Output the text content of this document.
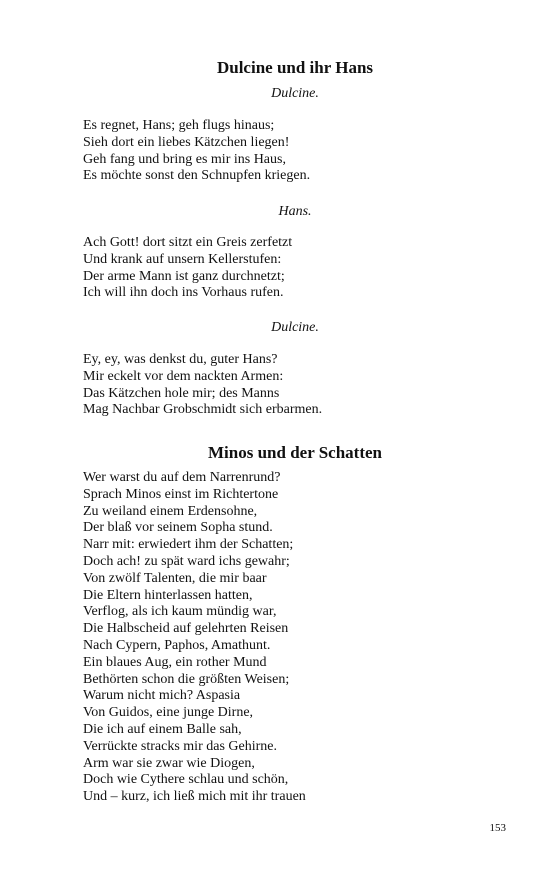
Dulcine und ihr Hans

Dulcine.

Es regnet, Hans; geh flugs hinaus;
Sieh dort ein liebes Kätzchen liegen!
Geh fang und bring es mir ins Haus,
Es möchte sonst den Schnupfen kriegen.

Hans.

Ach Gott! dort sitzt ein Greis zerfetzt
Und krank auf unsern Kellerstufen:
Der arme Mann ist ganz durchnetzt;
Ich will ihn doch ins Vorhaus rufen.

Dulcine.

Ey, ey, was denkst du, guter Hans?
Mir eckelt vor dem nackten Armen:
Das Kätzchen hole mir; des Manns
Mag Nachbar Grobschmidt sich erbarmen.
Minos und der Schatten
Wer warst du auf dem Narrenrund?
Sprach Minos einst im Richtertone
Zu weiland einem Erdensohne,
Der blaß vor seinem Sopha stund.
Narr mit: erwiedert ihm der Schatten;
Doch ach! zu spät ward ichs gewahr;
Von zwölf Talenten, die mir baar
Die Eltern hinterlassen hatten,
Verflog, als ich kaum mündig war,
Die Halbscheid auf gelehrten Reisen
Nach Cypern, Paphos, Amathunt.
Ein blaues Aug, ein rother Mund
Bethörten schon die größten Weisen;
Warum nicht mich? Aspasia
Von Guidos, eine junge Dirne,
Die ich auf einem Balle sah,
Verrückte stracks mir das Gehirne.
Arm war sie zwar wie Diogen,
Doch wie Cythere schlau und schön,
Und – kurz, ich ließ mich mit ihr trauen

153
